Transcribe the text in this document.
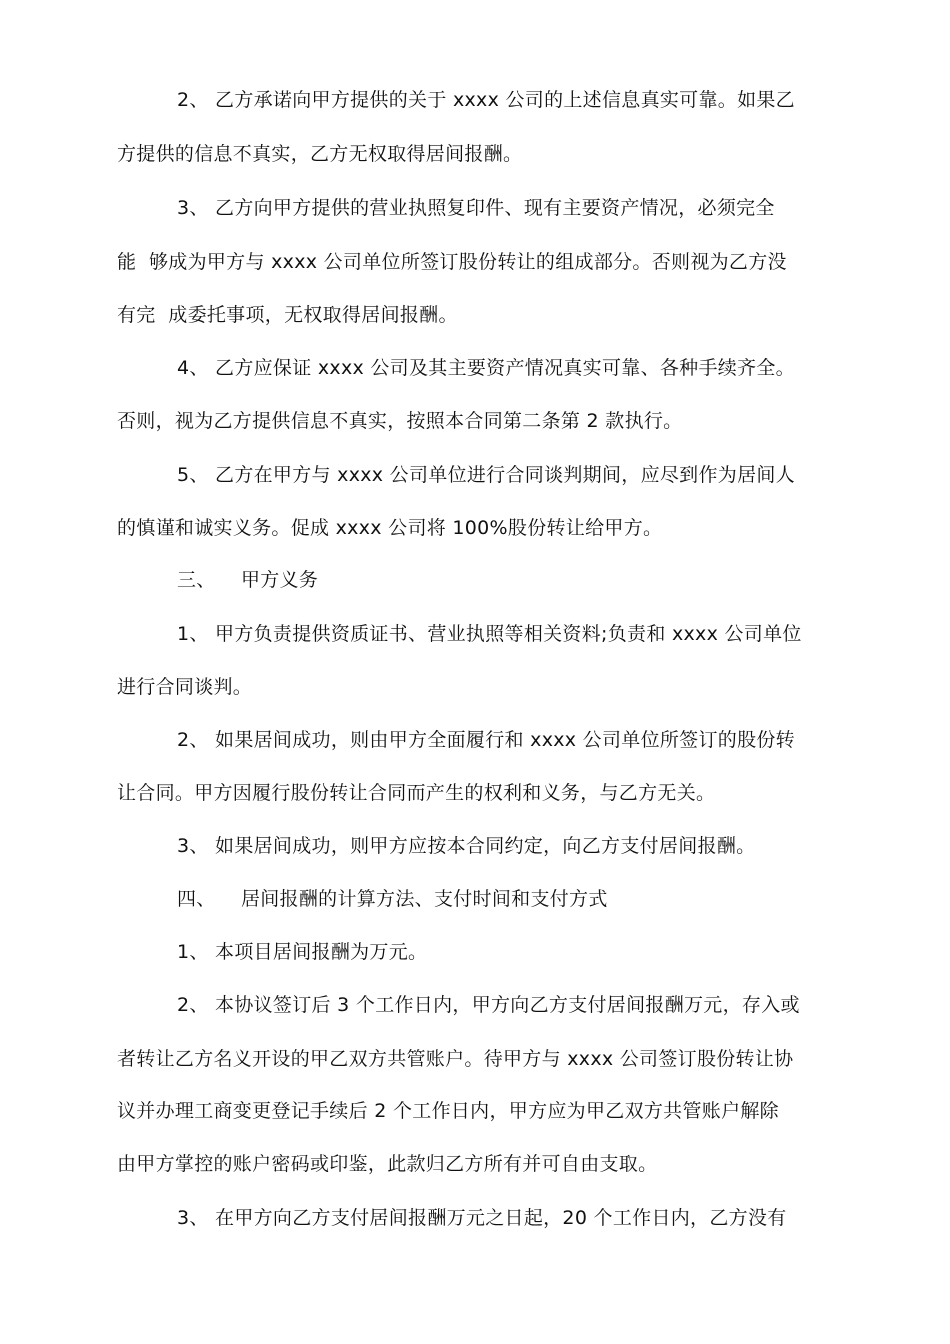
2、 乙方承诺向甲方提供的关于 xxxx 公司的上述信息真实可靠。如果乙
方提供的信息不真实，乙方无权取得居间报酬。
3、 乙方向甲方提供的营业执照复印件、现有主要资产情况，必须完全
能  够成为甲方与 xxxx 公司单位所签订股份转让的组成部分。否则视为乙方没
有完  成委托事项，无权取得居间报酬。
4、 乙方应保证 xxxx 公司及其主要资产情况真实可靠、各种手续齐全。
否则，视为乙方提供信息不真实，按照本合同第二条第 2 款执行。
5、 乙方在甲方与 xxxx 公司单位进行合同谈判期间，应尽到作为居间人
的慎谨和诚实义务。促成 xxxx 公司将 100%股份转让给甲方。
三、    甲方义务
1、 甲方负责提供资质证书、营业执照等相关资料;负责和 xxxx 公司单位
进行合同谈判。
2、 如果居间成功，则由甲方全面履行和 xxxx 公司单位所签订的股份转
让合同。甲方因履行股份转让合同而产生的权利和义务，与乙方无关。
3、 如果居间成功，则甲方应按本合同约定，向乙方支付居间报酬。
四、    居间报酬的计算方法、支付时间和支付方式
1、 本项目居间报酬为万元。
2、 本协议签订后 3 个工作日内，甲方向乙方支付居间报酬万元，存入或
者转让乙方名义开设的甲乙双方共管账户。待甲方与 xxxx 公司签订股份转让协
议并办理工商变更登记手续后 2 个工作日内，甲方应为甲乙双方共管账户解除
由甲方掌控的账户密码或印鉴，此款归乙方所有并可自由支取。
3、 在甲方向乙方支付居间报酬万元之日起，20 个工作日内，乙方没有
